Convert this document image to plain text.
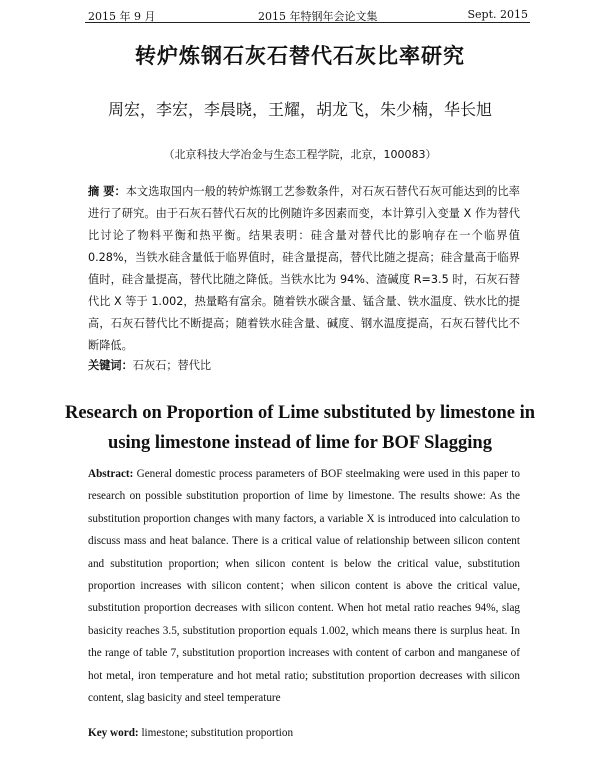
2015 年 9 月	2015 年特钢年会论文集	Sept. 2015
转炉炼钢石灰石替代石灰比率研究
周宏，李宏，李晨晓，王耀，胡龙飞，朱少楠，华长旭
（北京科技大学冶金与生态工程学院，北京，100083）
摘 要：本文选取国内一般的转炉炼钢工艺参数条件，对石灰石替代石灰可能达到的比率进行了研究。由于石灰石替代石灰的比例随许多因素而变，本计算引入变量 X 作为替代比讨论了物料平衡和热平衡。结果表明：硅含量对替代比的影响存在一个临界值 0.28%，当铁水硅含量低于临界值时，硅含量提高，替代比随之提高；硅含量高于临界值时，硅含量提高，替代比随之降低。当铁水比为 94%、渣碱度 R=3.5 时，石灰石替代比 X 等于 1.002，热量略有富余。随着铁水碳含量、锰含量、铁水温度、铁水比的提高，石灰石替代比不断提高；随着铁水硅含量、碱度、钢水温度提高，石灰石替代比不断降低。
关键词：石灰石；替代比
Research on Proportion of Lime substituted by limestone in
using limestone instead of lime for BOF Slagging
Abstract: General domestic process parameters of BOF steelmaking were used in this paper to research on possible substitution proportion of lime by limestone. The results showe: As the substitution proportion changes with many factors, a variable X is introduced into calculation to discuss mass and heat balance. There is a critical value of relationship between silicon content and substitution proportion; when silicon content is below the critical value, substitution proportion increases with silicon content；when silicon content is above the critical value, substitution proportion decreases with silicon content. When hot metal ratio reaches 94%, slag basicity reaches 3.5, substitution proportion equals 1.002, which means there is surplus heat. In the range of table 7, substitution proportion increases with content of carbon and manganese of hot metal, iron temperature and hot metal ratio; substitution proportion decreases with silicon content, slag basicity and steel temperature
Key word: limestone; substitution proportion
